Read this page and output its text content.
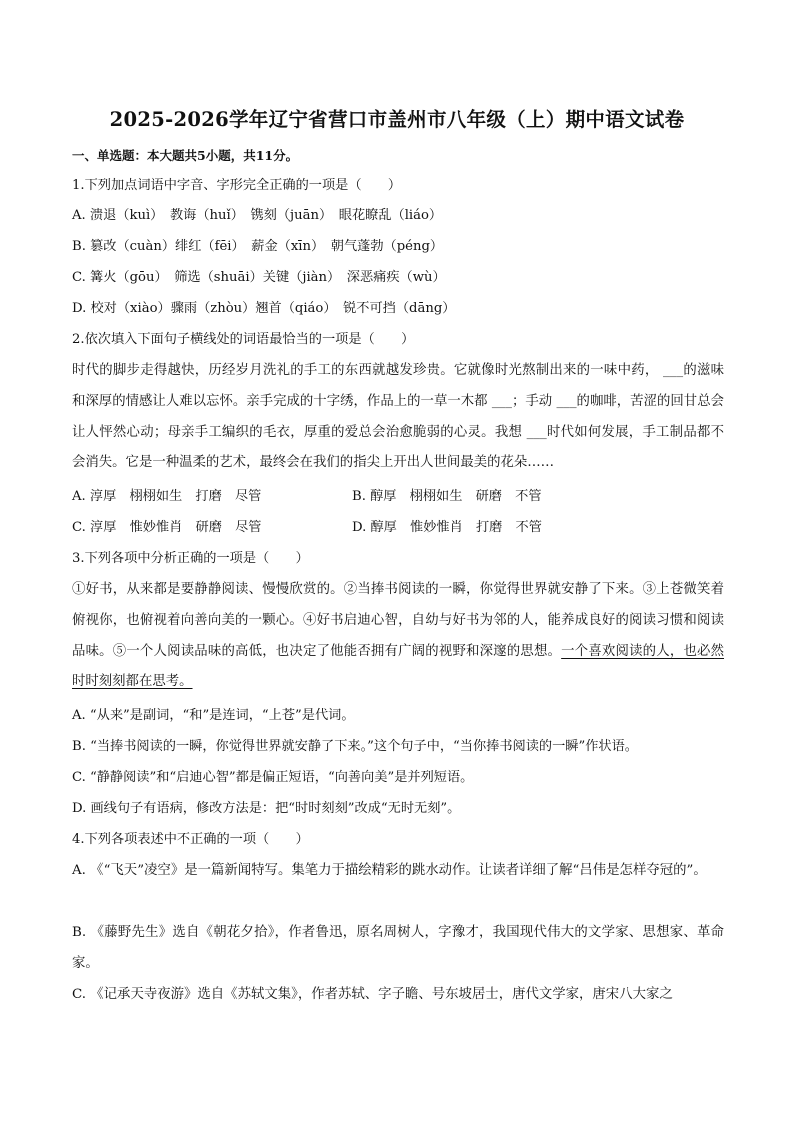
2025-2026学年辽宁省营口市盖州市八年级（上）期中语文试卷
一、单选题：本大题共5小题，共11分。
1.下列加点词语中字音、字形完全正确的一项是（　　）
A. 溃退（kuì）　教诲（huǐ）　镌刻（juān）　眼花瞭乱（liáo）
B. 篡改（cuàn）绯红（fēi）　薪金（xīn）　朝气蓬勃（péng）
C. 篝火（gōu）　筛选（shuāi）关键（jiàn）　深恶痛疾（wù）
D. 校对（xiào）骤雨（zhòu）翘首（qiáo）　锐不可挡（dāng）
2.依次填入下面句子横线处的词语最恰当的一项是（　　）
时代的脚步走得越快，历经岁月洗礼的手工的东西就越发珍贵。它就像时光熬制出来的一味中药， ___的滋味和深厚的情感让人难以忘怀。亲手完成的十字绣，作品上的一草一木都 ___；手动 ___的咖啡，苦涩的回甘总会让人怦然心动；母亲手工编织的毛衣，厚重的爱总会治愈脆弱的心灵。我想 ___时代如何发展，手工制品都不会消失。它是一种温柔的艺术，最终会在我们的指尖上开出人世间最美的花朵……
A. 淳厚　栩栩如生　打磨　尽管	B. 醇厚　栩栩如生　研磨　不管
C. 淳厚　惟妙惟肖　研磨　尽管	D. 醇厚　惟妙惟肖　打磨　不管
3.下列各项中分析正确的一项是（　　）
①好书，从来都是要静静阅读、慢慢欣赏的。②当捧书阅读的一瞬，你觉得世界就安静了下来。③上苍微笑着俯视你，也俯视着向善向美的一颗心。④好书启迪心智，自幼与好书为邻的人，能养成良好的阅读习惯和阅读品味。⑤一个人阅读品味的高低，也决定了他能否拥有广阔的视野和深邃的思想。一个喜欢阅读的人，也必然时时刻刻都在思考。
A. “从来”是副词，“和”是连词，“上苍”是代词。
B. “当捧书阅读的一瞬，你觉得世界就安静了下来。”这个句子中，“当你捧书阅读的一瞬”作状语。
C. “静静阅读”和“启迪心智”都是偏正短语，“向善向美”是并列短语。
D. 画线句子有语病，修改方法是：把“时时刻刻”改成“无时无刻”。
4.下列各项表述中不正确的一项（　　）
A. 《“飞天”凌空》是一篇新闻特写。集笔力于描绘精彩的跳水动作。让读者详细了解“吕伟是怎样夺冠的”。
B. 《藤野先生》选自《朝花夕拾》，作者鲁迅，原名周树人，字豫才，我国现代伟大的文学家、思想家、革命家。
C. 《记承天寺夜游》选自《苏轼文集》，作者苏轼、字子瞻、号东坡居士，唐代文学家，唐宋八大家之
